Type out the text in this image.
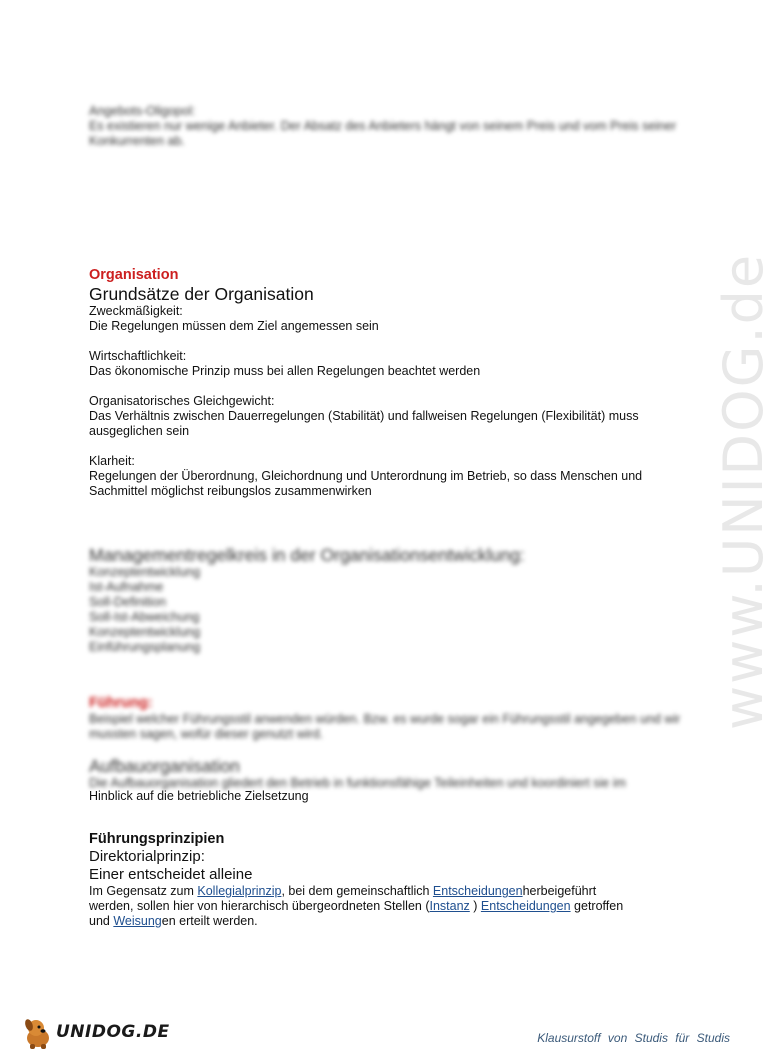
www.UNIDOG.de
Angebots-Oligopol:
Es existieren nur wenige Anbieter. Der Absatz des Anbieters hängt von seinem Preis und vom Preis seiner Konkurrenten ab.
Organisation
Grundsätze der Organisation
Zweckmäßigkeit:
Die Regelungen müssen dem Ziel angemessen sein
Wirtschaftlichkeit:
Das ökonomische Prinzip muss bei allen Regelungen beachtet werden
Organisatorisches Gleichgewicht:
Das Verhältnis zwischen Dauerregelungen (Stabilität) und fallweisen Regelungen (Flexibilität) muss ausgeglichen sein
Klarheit:
Regelungen der Überordnung, Gleichordnung und Unterordnung im Betrieb, so dass Menschen und Sachmittel möglichst reibungslos zusammenwirken
Managementregelkreis in der Organisationsentwicklung:
Konzeptentwicklung
Ist-Aufnahme
Soll-Definition
Soll-Ist-Abweichung
Konzeptentwicklung
Einführungsplanung
Führung:
Beispiel welcher Führungsstil anwenden würden. Bzw. es wurde sogar ein Führungsstil angegeben und wir mussten sagen, wofür dieser genutzt wird.
Aufbauorganisation
Die Aufbauorganisation gliedert den Betrieb in funktionsfähige Teileinheiten und koordiniert sie im
Hinblick auf die betriebliche Zielsetzung
Führungsprinzipien
Direktorialprinzip:
Einer entscheidet alleine
Im Gegensatz zum Kollegialprinzip, bei dem gemeinschaftlich Entscheidungenherbeigeführt
werden, sollen hier von hierarchisch übergeordneten Stellen (Instanz ) Entscheidungen getroffen
und Weisungen erteilt werden.
UNIDOG.DE	Klausurstoff von Studis für Studis
